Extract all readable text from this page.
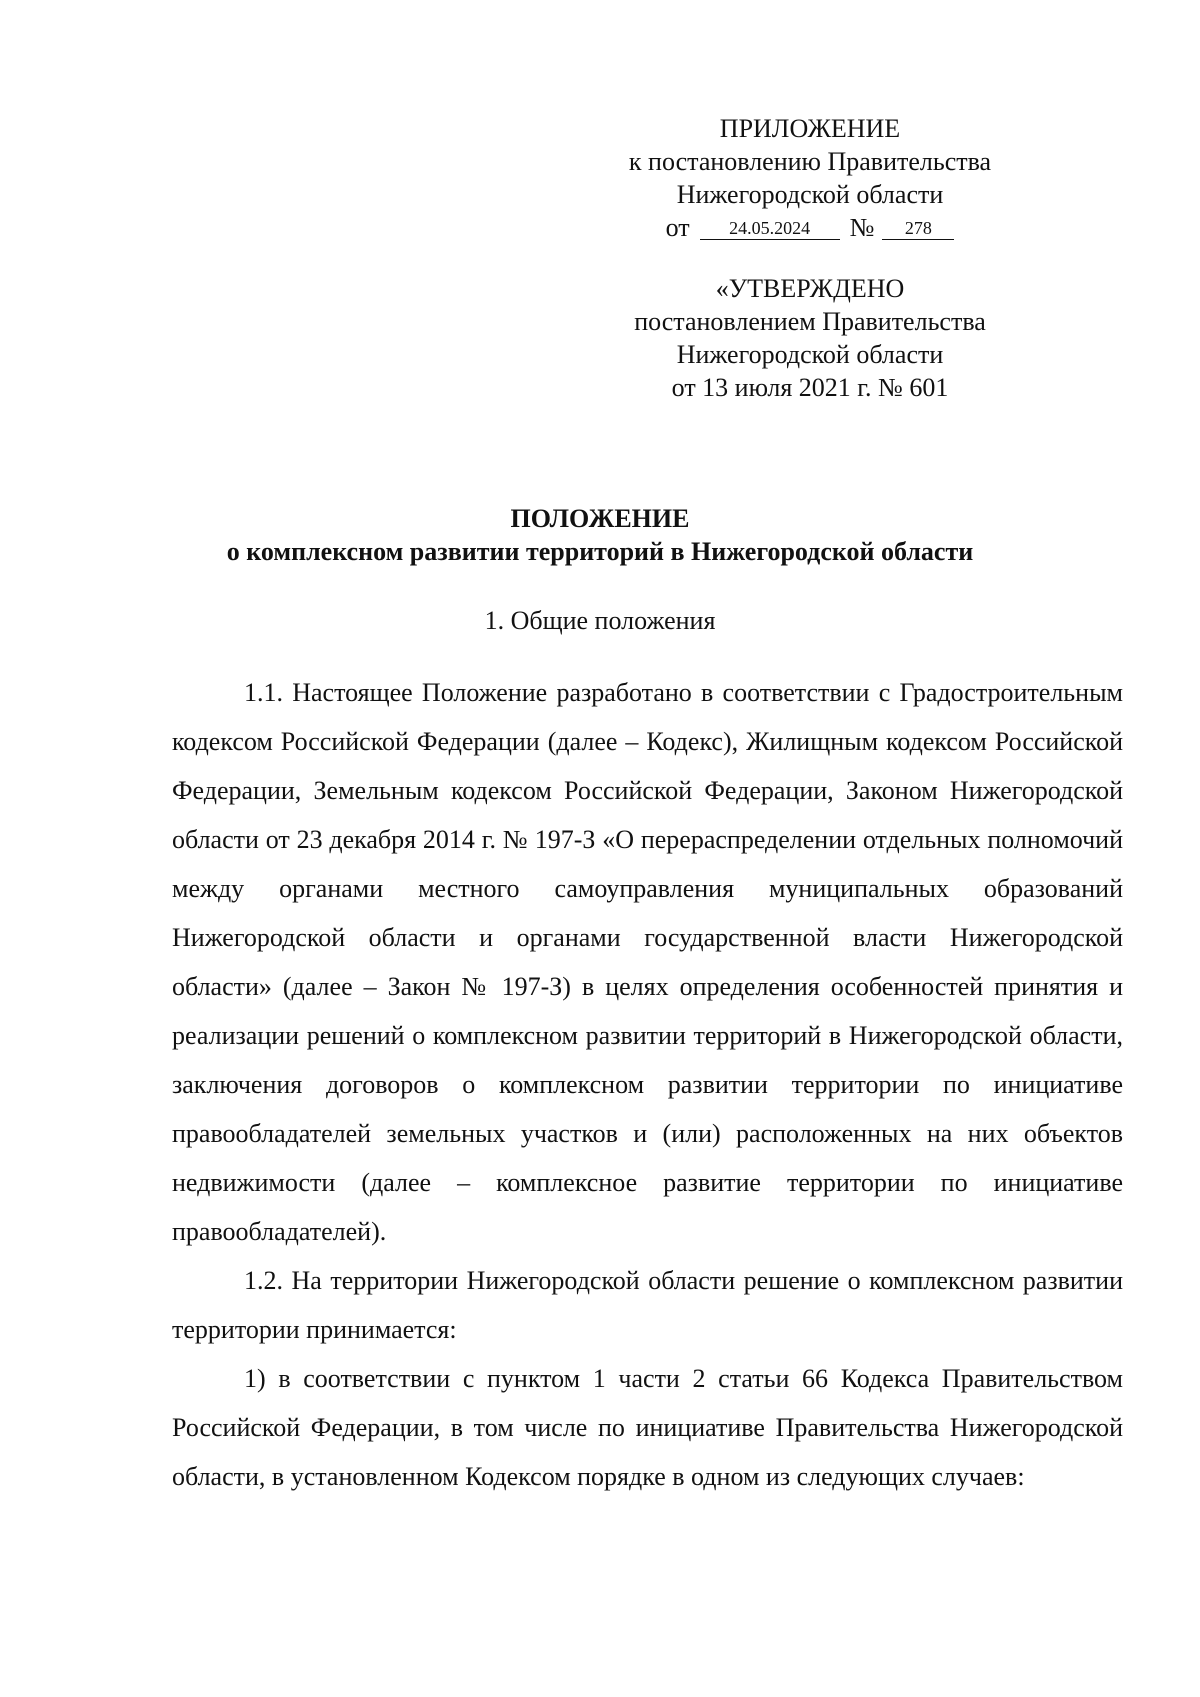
ПРИЛОЖЕНИЕ
к постановлению Правительства
Нижегородской области
от 24.05.2024 № 278
«УТВЕРЖДЕНО
постановлением Правительства
Нижегородской области
от 13 июля 2021 г. № 601
ПОЛОЖЕНИЕ
о комплексном развитии территорий в Нижегородской области
1. Общие положения

1.1. Настоящее Положение разработано в соответствии с Градостроительным кодексом Российской Федерации (далее – Кодекс), Жилищным кодексом Российской Федерации, Земельным кодексом Российской Федерации, Законом Нижегородской области от 23 декабря 2014 г. № 197-З «О перераспределении отдельных полномочий между органами местного самоуправления муниципальных образований Нижегородской области и органами государственной власти Нижегородской области» (далее – Закон № 197-З) в целях определения особенностей принятия и реализации решений о комплексном развитии территорий в Нижегородской области, заключения договоров о комплексном развитии территории по инициативе правообладателей земельных участков и (или) расположенных на них объектов недвижимости (далее – комплексное развитие территории по инициативе правообладателей).

1.2. На территории Нижегородской области решение о комплексном развитии территории принимается:

1) в соответствии с пунктом 1 части 2 статьи 66 Кодекса Правительством Российской Федерации, в том числе по инициативе Правительства Нижегородской области, в установленном Кодексом порядке в одном из следующих случаев:
